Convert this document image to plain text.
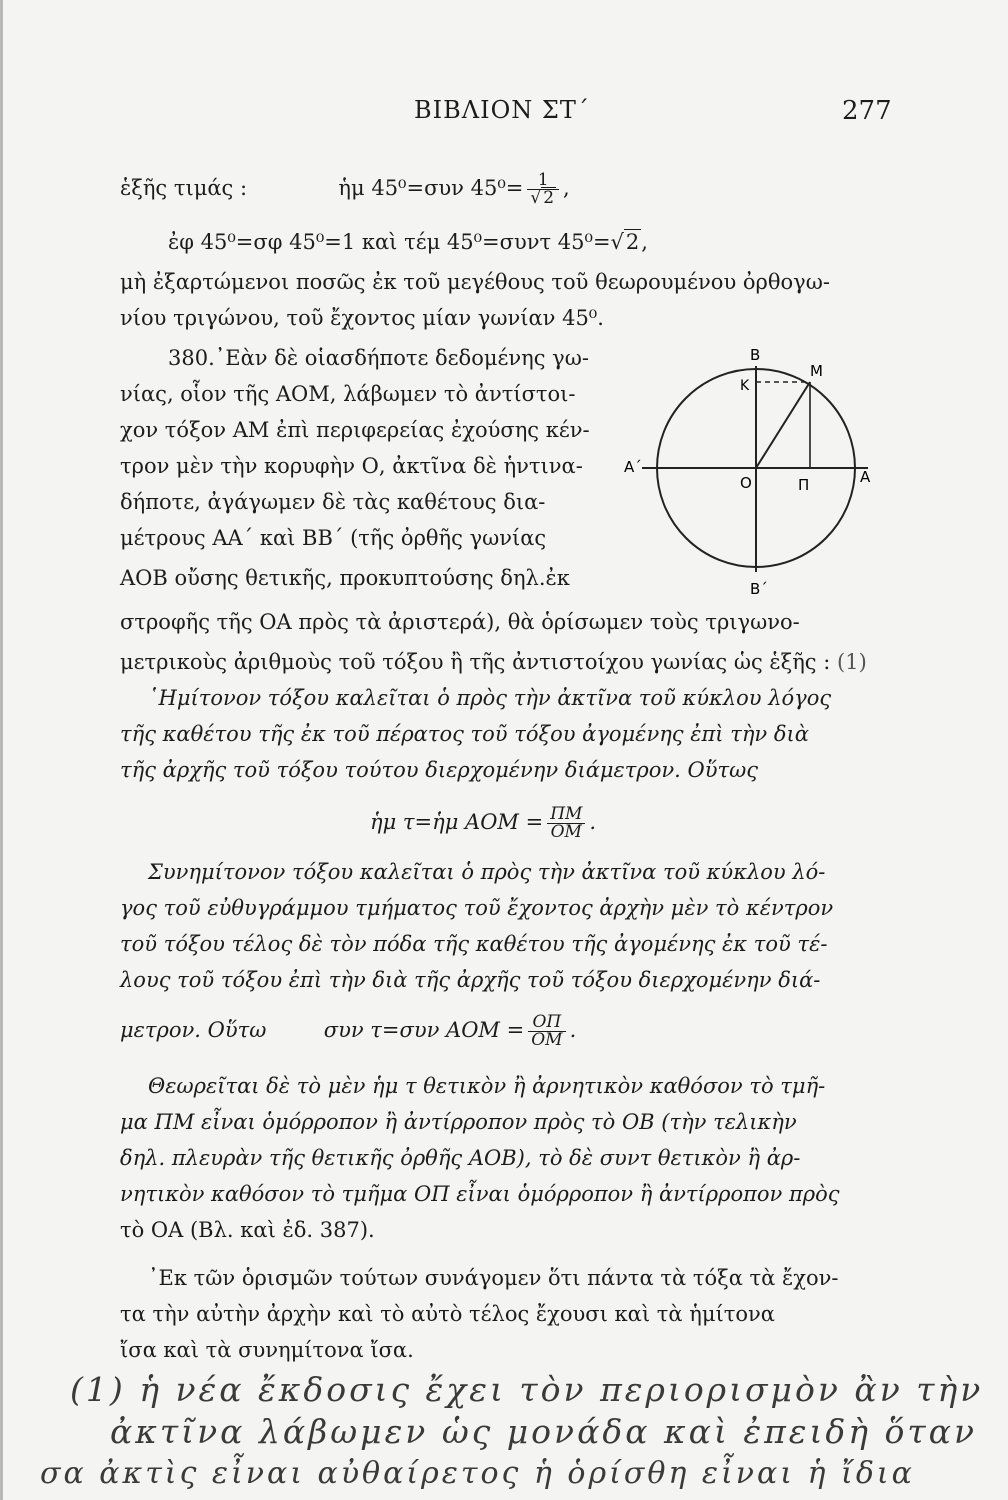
ΒΙΒΛΙΟΝ ΣΤ΄	277
ἑξῆς τιμάς :	ἡμ 45⁰=συν $45^0= \frac{1}{√ 2}$ ,
ἐφ 45⁰=σφ 45⁰=1 καὶ τέμ 45⁰=συντ 45⁰=√2,
μὴ ἐξαρτώμενοι ποσῶς ἐκ τοῦ μεγέθους τοῦ θεωρουμένου ὀρθογω-
νίου τριγώνου, τοῦ ἔχοντος μίαν γωνίαν 45⁰.
380.᾿Εὰν δὲ οἱασδήποτε δεδομένης γω-
νίας, οἷον τῆς ΑΟΜ, λάβωμεν τὸ ἀντίστοι-
χον τόξον ΑΜ ἐπὶ περιφερείας ἐχούσης κέν-
τρον μὲν τὴν κορυφὴν Ο, ἀκτῖνα δὲ ἡντινα-
δήποτε, ἀγάγωμεν δὲ τὰς καθέτους δια-
μέτρους ΑΑ΄ καὶ ΒΒ΄ (τῆς ὀρθῆς γωνίας
ΑΟΒ οὔσης θετικῆς, προκυπτούσης δηλ.ἐκ
στροφῆς τῆς ΟΑ πρὸς τὰ ἀριστερά), θὰ ὁρίσωμεν τοὺς τριγωνο-
μετρικοὺς ἀριθμοὺς τοῦ τόξου ἢ τῆς ἀντιστοίχου γωνίας ὡς ἑξῆς : (1)
῾Ημίτονον τόξου καλεῖται ὁ πρὸς τὴν ἀκτῖνα τοῦ κύκλου λόγος
τῆς καθέτου τῆς ἐκ τοῦ πέρατος τοῦ τόξου ἀγομένης ἐπὶ τὴν διὰ
τῆς ἀρχῆς τοῦ τόξου τούτου διερχομένην διάμετρον. Οὕτως
ἡμ τ=ἡμ $AOM = \frac{\Pi M}{OM}$ .
Συνημίτονον τόξου καλεῖται ὁ πρὸς τὴν ἀκτῖνα τοῦ κύκλου λό-
γος τοῦ εὐθυγράμμου τμήματος τοῦ ἔχοντος ἀρχὴν μὲν τὸ κέντρον
τοῦ τόξου τέλος δὲ τὸν πόδα τῆς καθέτου τῆς ἀγομένης ἐκ τοῦ τέ-
λους τοῦ τόξου ἐπὶ τὴν διὰ τῆς ἀρχῆς τοῦ τόξου διερχομένην διά-
μετρον. Οὕτω	συν τ=συν $AOM = \frac{O\Pi}{OM}$ .
Θεωρεῖται δὲ τὸ μὲν ἡμ τ θετικὸν ἢ ἀρνητικὸν καθόσον τὸ τμῆ-
μα ΠΜ εἶναι ὁμόρροπον ἢ ἀντίρροπον πρὸς τὸ ΟΒ (τὴν τελικὴν
δηλ. πλευρὰν τῆς θετικῆς ὀρθῆς ΑΟΒ), τὸ δὲ συντ θετικὸν ἢ ἀρ-
νητικὸν καθόσον τὸ τμῆμα ΟΠ εἶναι ὁμόρροπον ἢ ἀντίρροπον πρὸς
τὸ ΟΑ (Βλ. καὶ ἐδ. 387).
᾿Εκ τῶν ὁρισμῶν τούτων συνάγομεν ὅτι πάντα τὰ τόξα τὰ ἔχον-
τα τὴν αὐτὴν ἀρχὴν καὶ τὸ αὐτὸ τέλος ἔχουσι καὶ τὰ ἡμίτονα
ἴσα καὶ τὰ συνημίτονα ἴσα.
Β
Κ
Μ
Α΄
Ο	Π	Α
Β΄
(1) ἡ νέα ἔκδοσις ἔχει τὸν περιορισμὸν ἂν τὴν
ἀκτῖνα λάβωμεν ὡς μονάδα καὶ ἐπειδὴ ὅταν
σα ἀκτὶς εἶναι αὐθαίρετος ἡ ὁρίσθη εἶναι ἡ ἴδια
